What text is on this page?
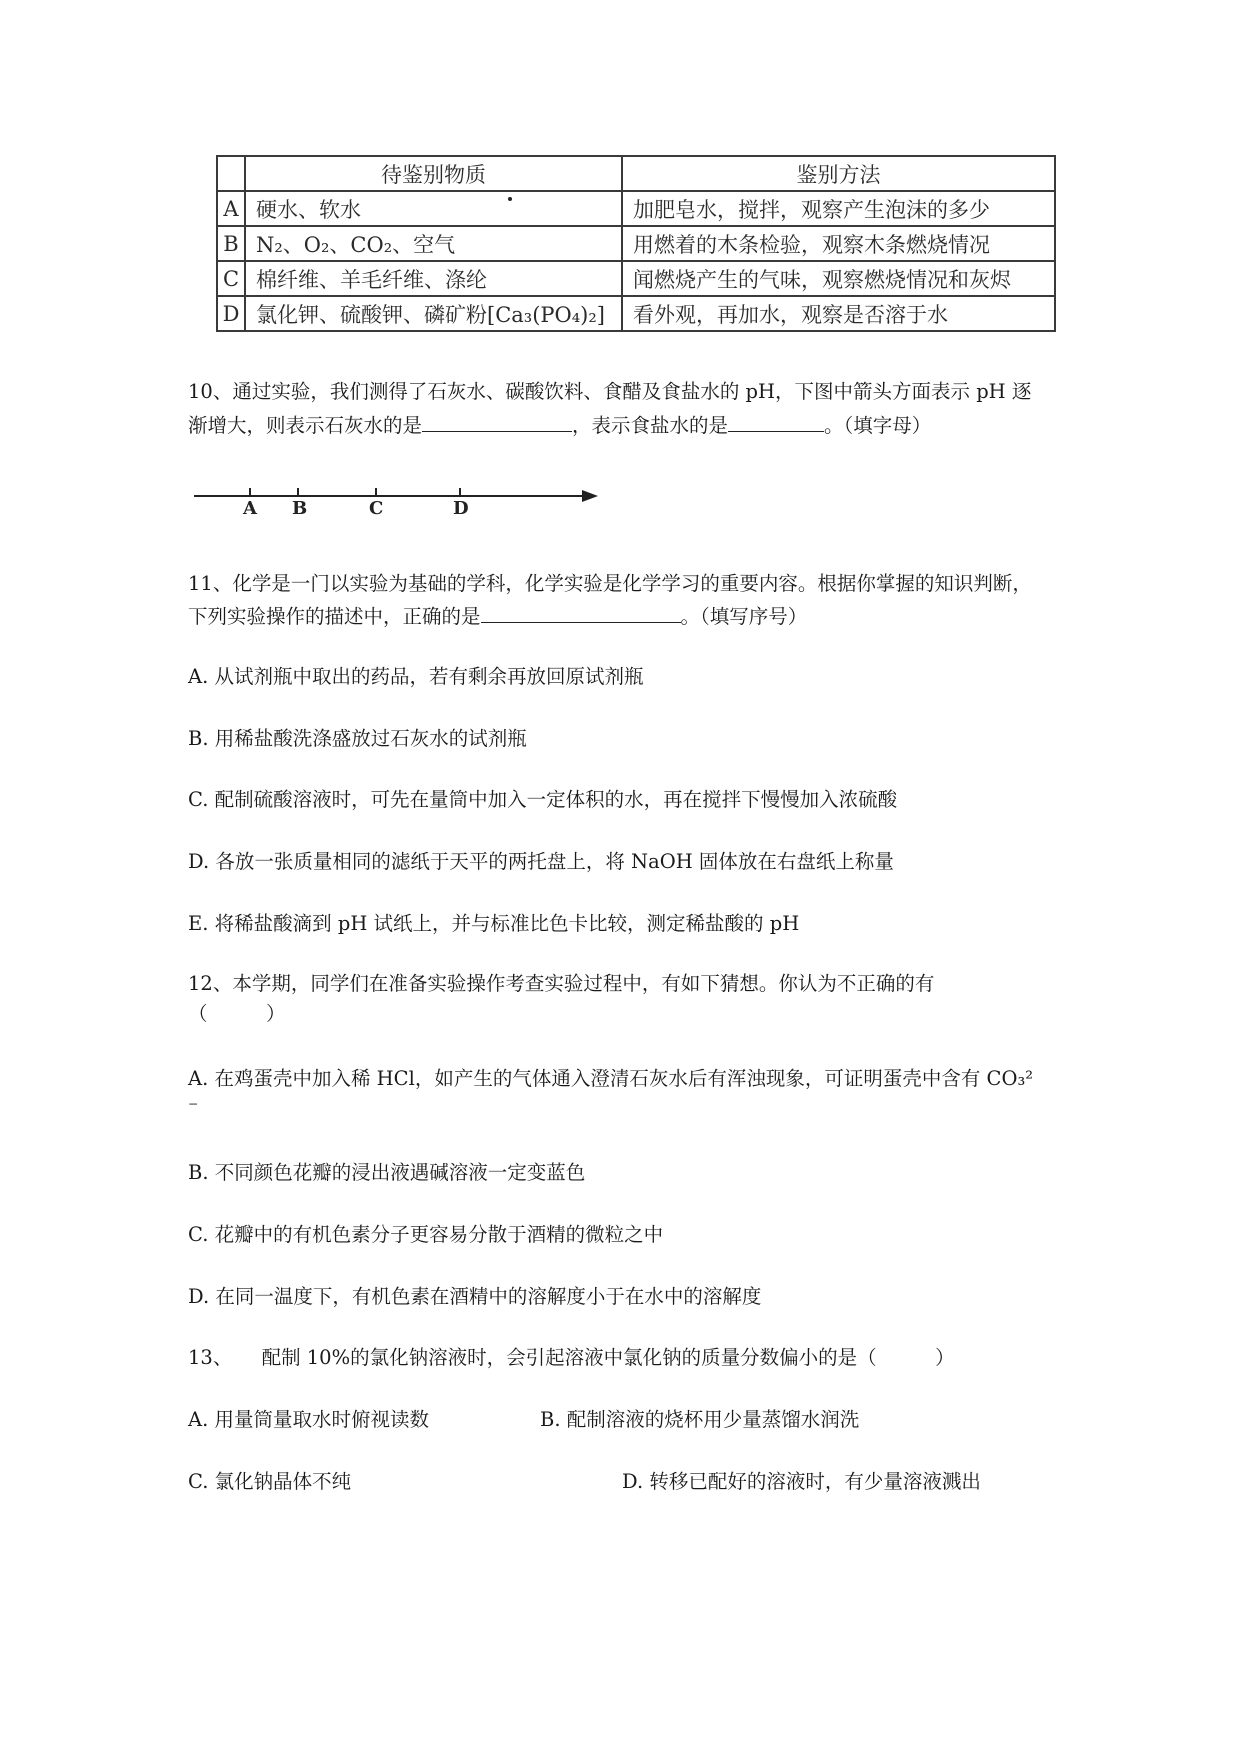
	待鉴别物质	鉴别方法
A	硬水、软水	加肥皂水，搅拌，观察产生泡沫的多少
B	N₂、O₂、CO₂、空气	用燃着的木条检验，观察木条燃烧情况
C	棉纤维、羊毛纤维、涤纶	闻燃烧产生的气味，观察燃烧情况和灰烬
D	氯化钾、硫酸钾、磷矿粉[Ca₃(PO₄)₂]	看外观，再加水，观察是否溶于水
10、通过实验，我们测得了石灰水、碳酸饮料、食醋及食盐水的 pH，下图中箭头方面表示 pH 逐
渐增大，则表示石灰水的是	，表示食盐水的是	。（填字母）
A B	C	D
11、化学是一门以实验为基础的学科，化学实验是化学学习的重要内容。根据你掌握的知识判断，
下列实验操作的描述中，正确的是	。（填写序号）
A. 从试剂瓶中取出的药品，若有剩余再放回原试剂瓶
B. 用稀盐酸洗涤盛放过石灰水的试剂瓶
C. 配制硫酸溶液时，可先在量筒中加入一定体积的水，再在搅拌下慢慢加入浓硫酸
D. 各放一张质量相同的滤纸于天平的两托盘上，将 NaOH 固体放在右盘纸上称量
E. 将稀盐酸滴到 pH 试纸上，并与标准比色卡比较，测定稀盐酸的 pH
12、本学期，同学们在准备实验操作考查实验过程中，有如下猜想。你认为不正确的有
（　　　）
A. 在鸡蛋壳中加入稀 HCl，如产生的气体通入澄清石灰水后有浑浊现象，可证明蛋壳中含有 CO₃²
⁻
B. 不同颜色花瓣的浸出液遇碱溶液一定变蓝色
C. 花瓣中的有机色素分子更容易分散于酒精的微粒之中
D. 在同一温度下，有机色素在酒精中的溶解度小于在水中的溶解度
13、　　配制 10%的氯化钠溶液时，会引起溶液中氯化钠的质量分数偏小的是（　　　）
A. 用量筒量取水时俯视读数	B. 配制溶液的烧杯用少量蒸馏水润洗
C. 氯化钠晶体不纯	D. 转移已配好的溶液时，有少量溶液溅出
